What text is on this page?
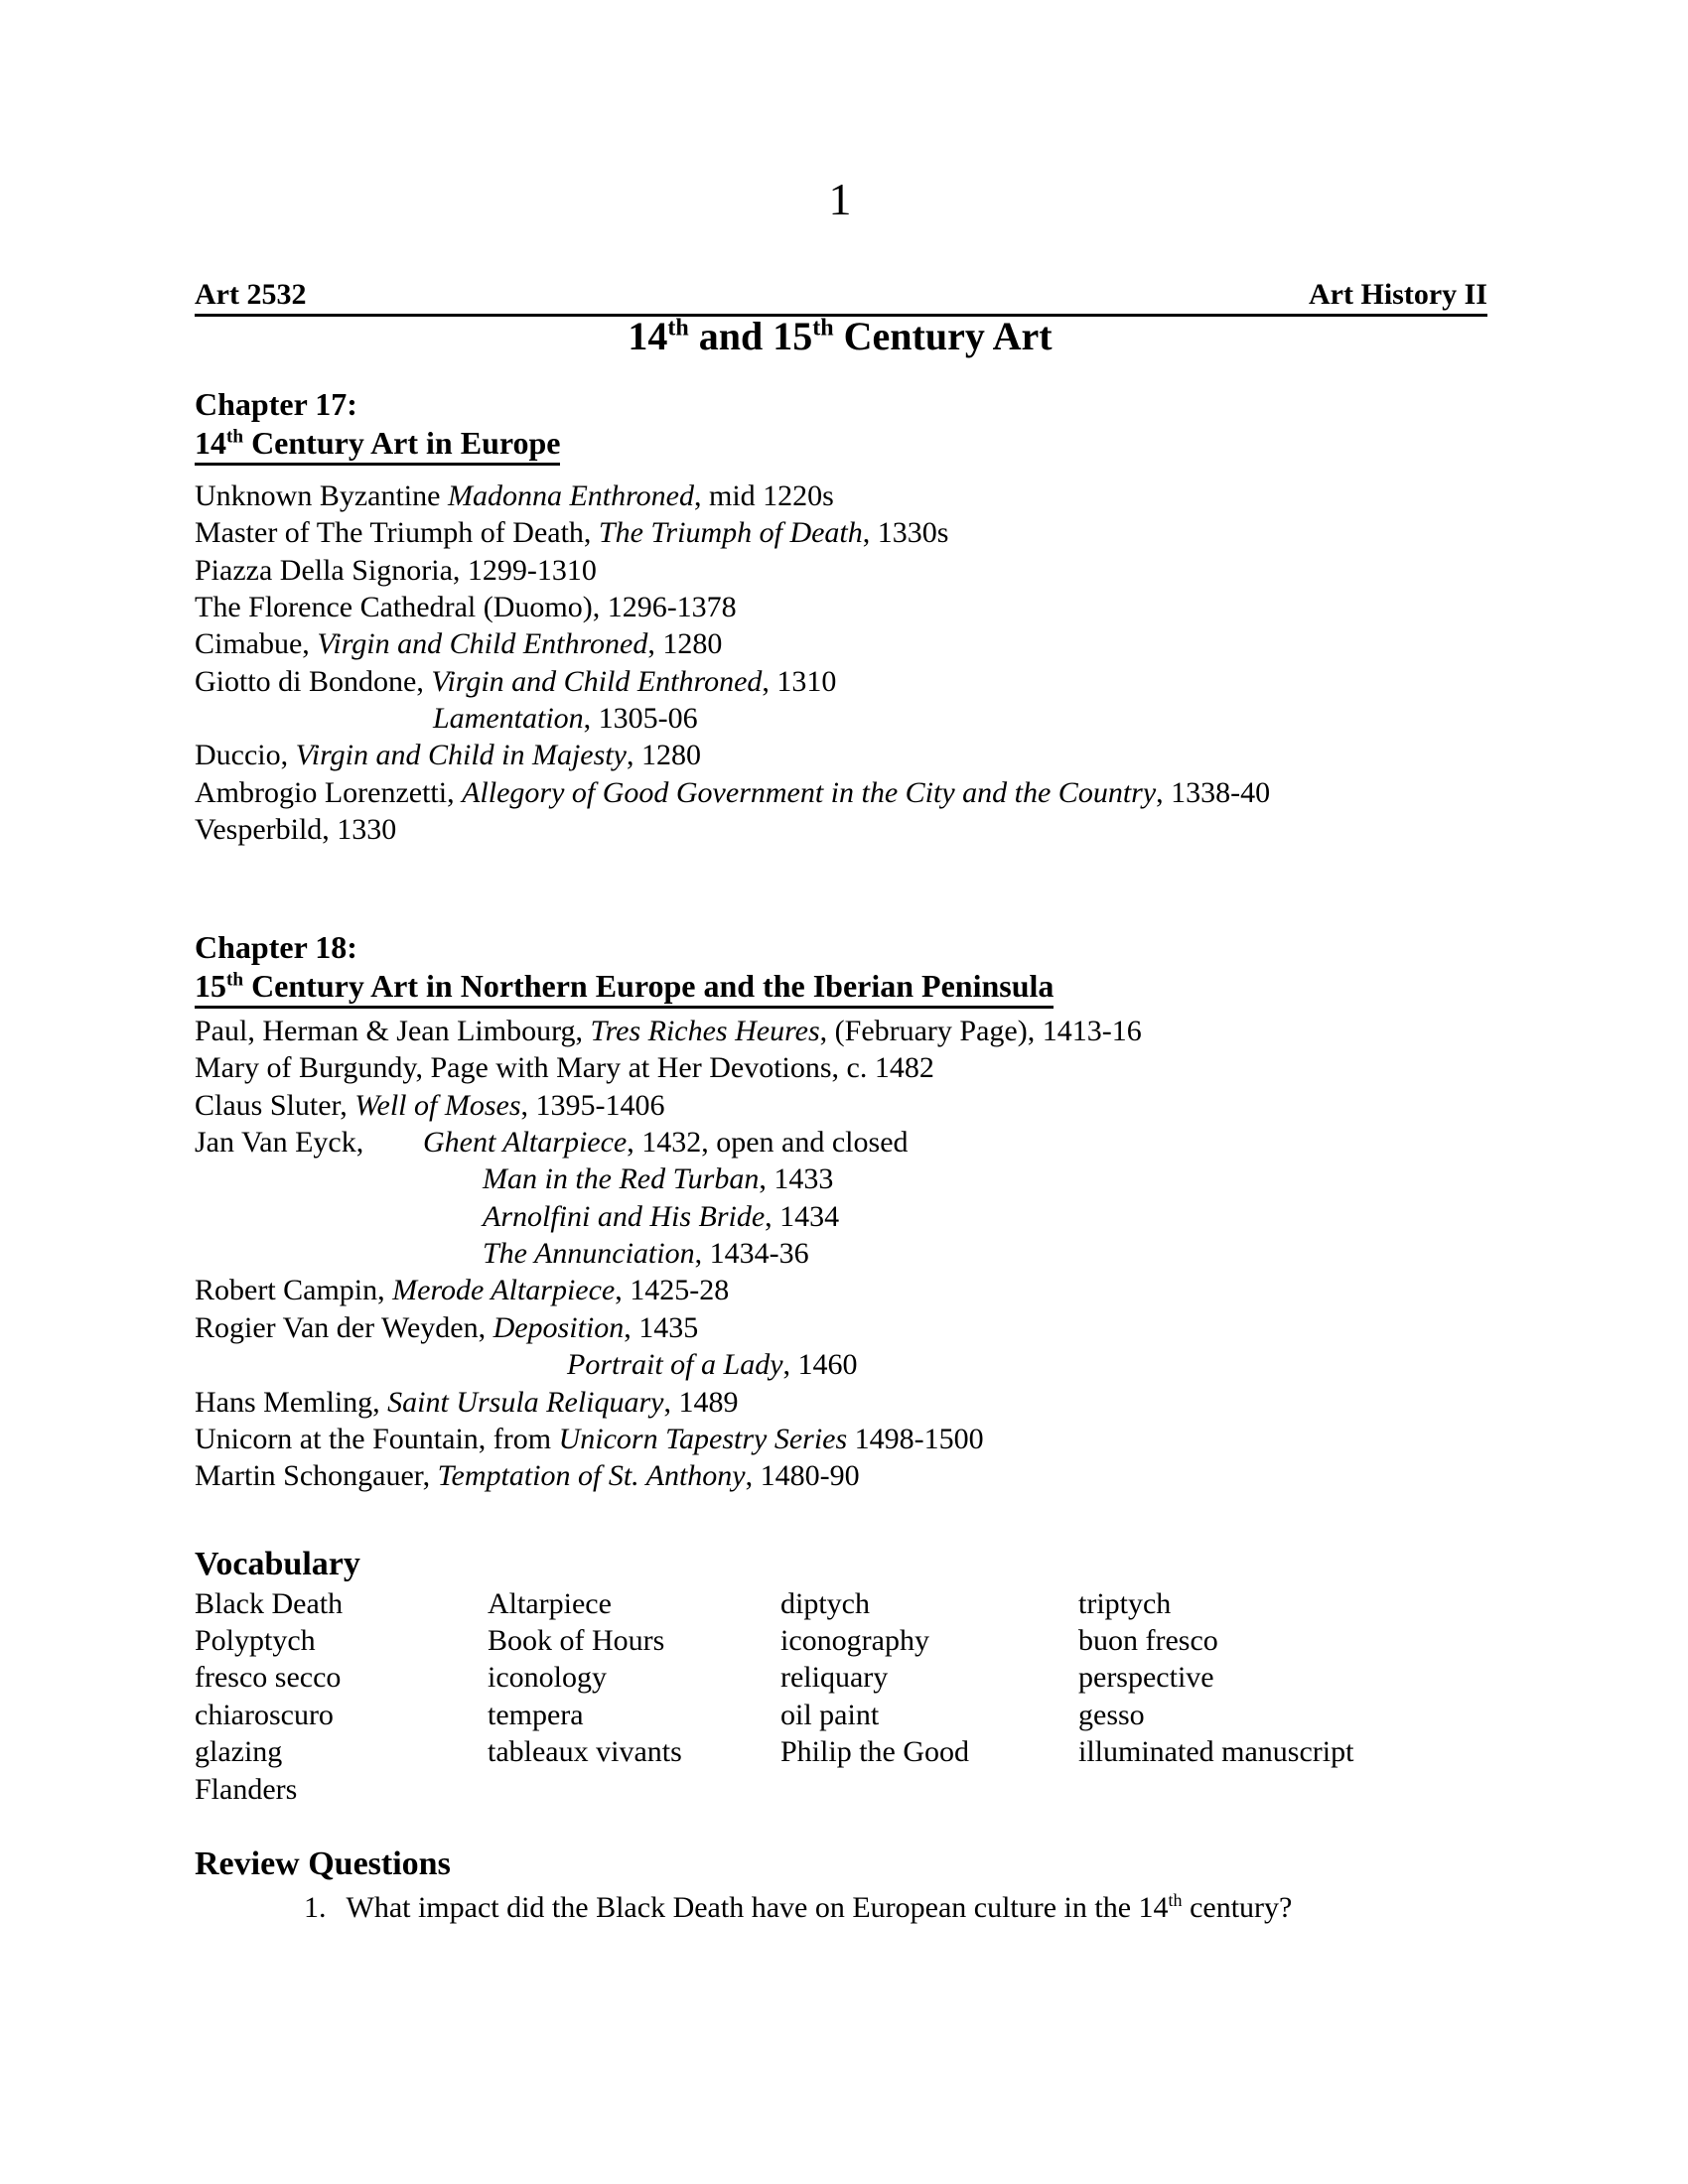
1
Art 2532	Art History II
14th and 15th Century Art
Chapter 17:
14th Century Art in Europe
Unknown Byzantine Madonna Enthroned, mid 1220s
Master of The Triumph of Death, The Triumph of Death, 1330s
Piazza Della Signoria, 1299-1310
The Florence Cathedral (Duomo), 1296-1378
Cimabue, Virgin and Child Enthroned, 1280
Giotto di Bondone, Virgin and Child Enthroned, 1310
Lamentation, 1305-06
Duccio, Virgin and Child in Majesty, 1280
Ambrogio Lorenzetti, Allegory of Good Government in the City and the Country, 1338-40
Vesperbild, 1330
Chapter 18:
15th Century Art in Northern Europe and the Iberian Peninsula
Paul, Herman & Jean Limbourg, Tres Riches Heures, (February Page), 1413-16
Mary of Burgundy, Page with Mary at Her Devotions, c. 1482
Claus Sluter, Well of Moses, 1395-1406
Jan Van Eyck,	Ghent Altarpiece, 1432, open and closed
Man in the Red Turban, 1433
Arnolfini and His Bride, 1434
The Annunciation, 1434-36
Robert Campin, Merode Altarpiece, 1425-28
Rogier Van der Weyden, Deposition, 1435
Portrait of a Lady, 1460
Hans Memling, Saint Ursula Reliquary, 1489
Unicorn at the Fountain, from Unicorn Tapestry Series 1498-1500
Martin Schongauer, Temptation of St. Anthony, 1480-90
Vocabulary
Black Death	Altarpiece	diptych	triptych
Polyptych	Book of Hours	iconography	buon fresco
fresco secco	iconology	reliquary	perspective
chiaroscuro	tempera	oil paint	gesso
glazing	tableaux vivants	Philip the Good	illuminated manuscript
Flanders			
Review Questions
1. What impact did the Black Death have on European culture in the 14th century?
